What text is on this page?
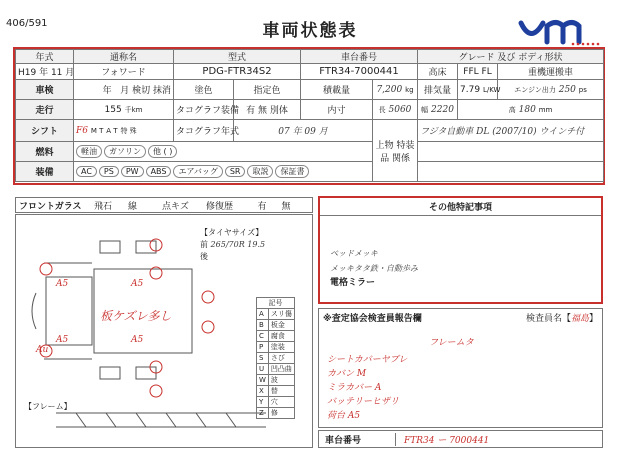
406/591	車両状態表
年式	通称名	型式		車台番号		グレード 及び ボディ形状		
H19 年 11 月	フォワード	PDG-FTR34S2		FTR34-7000441		高床	FFL FL	重機運搬車
車検	年 月 検切 抹消	塗色	指定色	積載量	7,200 kg	排気量	7.79 L/KW	エンジン出力 250 ps
走行	155 千km	タコグラフ装備	有 無 別体	内寸	長 5060	幅 2220	高 180 mm	
シフト	F6 M T A T 特 殊	タコグラフ年式	07 年 09 月		上物 特装品 関係	フジタ自動車 DL (2007/10) ウインチ付		
燃料	軽油 ガソリン 他 ( )							
装備	AC PS PW ABS エアバッグ SR 取説 保証書							
フロントガラス	飛石	線	点キズ	修復歴	有	無	その他特記事項
ベッドメッキ
メッキタタ鉄・自動歩み
電格ミラー
A5	A5
A5	A5
Au
板ケズレ多し
【フレーム】
【タイヤサイズ】
前 265/70R 19.5
後
記号	
A	スリ傷
B	板金
C	腐食
P	塗装
S	さび
U	凹凸曲
W	波
X	替
Y	穴
Z	修
※査定協会検査員報告欄	検査員名【福島】
フレームタ
シートカバーヤブレ
カバン M
ミラカバー A
バッテリーヒザリ
荷台 A5
車台番号	FTR34 ー 7000441
